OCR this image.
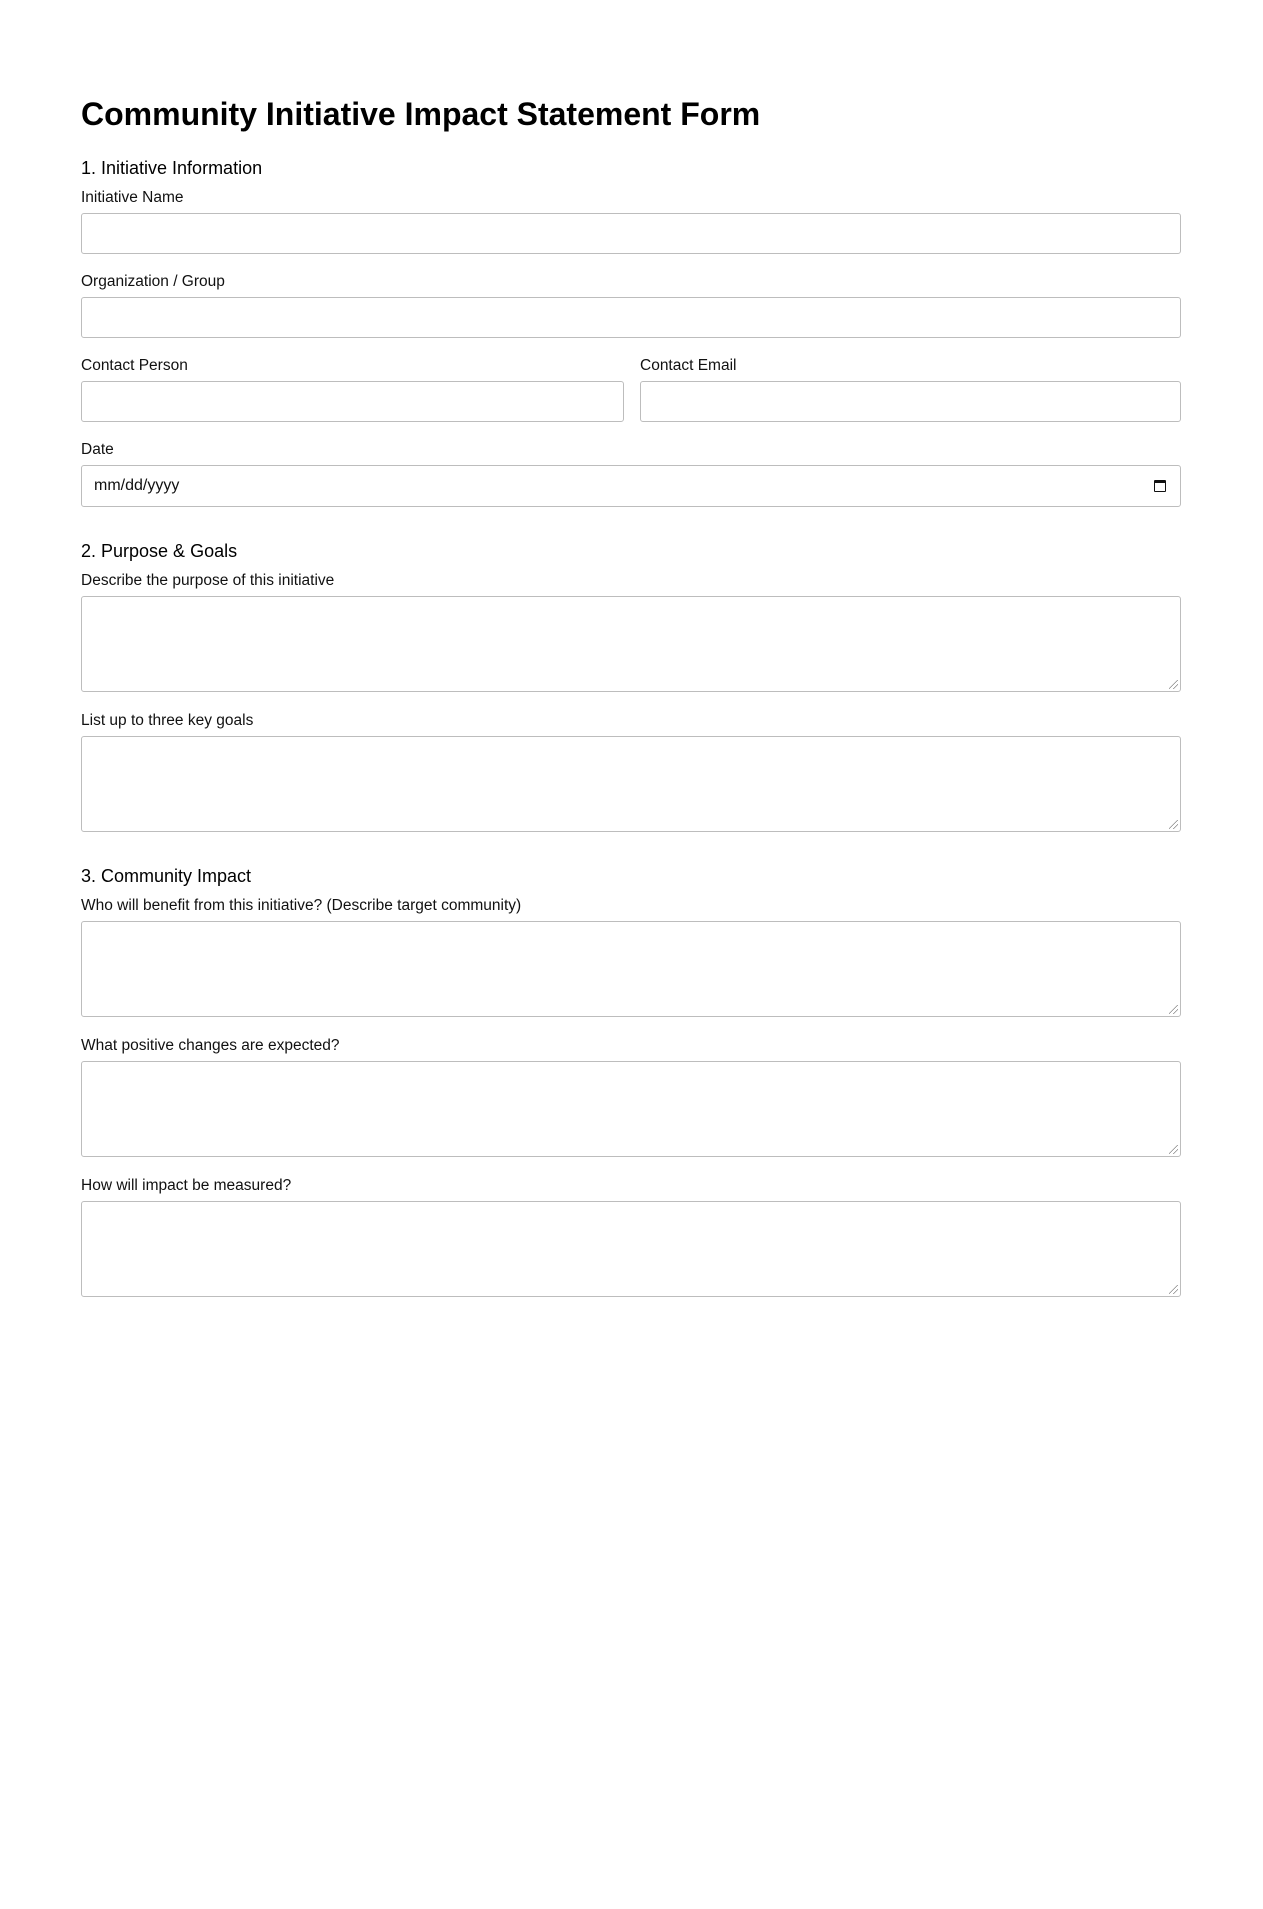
Community Initiative Impact Statement Form
1. Initiative Information
Initiative Name
Organization / Group
Contact Person	Contact Email
Date
mm/dd/yyyy
2. Purpose & Goals
Describe the purpose of this initiative
List up to three key goals
3. Community Impact
Who will benefit from this initiative? (Describe target community)
What positive changes are expected?
How will impact be measured?
